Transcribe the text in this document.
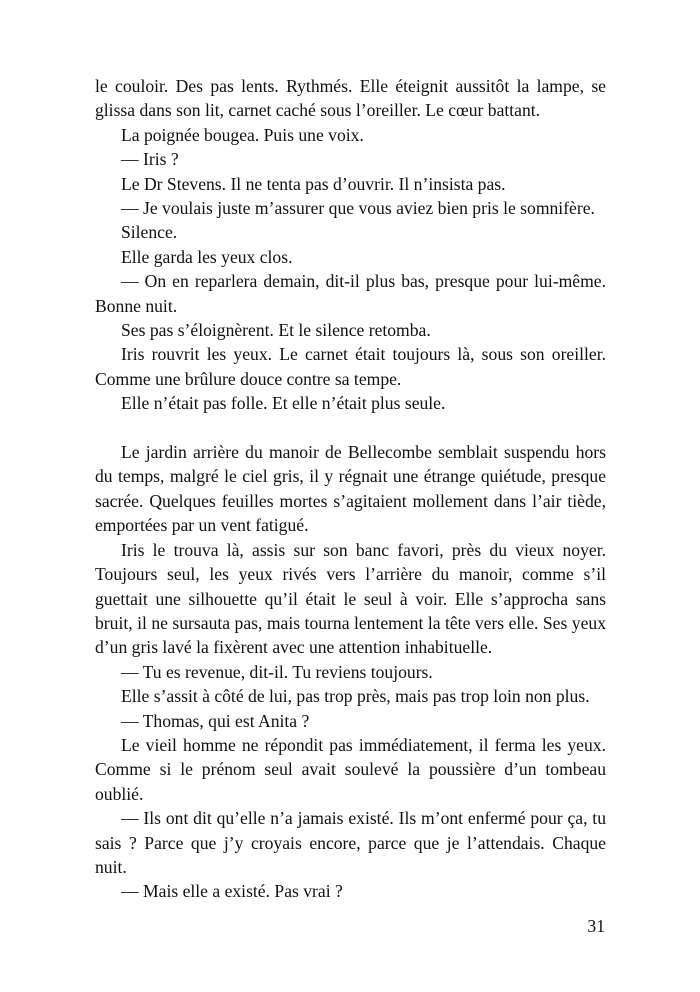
le couloir. Des pas lents. Rythmés. Elle éteignit aussitôt la lampe, se glissa dans son lit, carnet caché sous l’oreiller. Le cœur battant.

La poignée bougea. Puis une voix.

— Iris ?

Le Dr Stevens. Il ne tenta pas d’ouvrir. Il n’insista pas.

— Je voulais juste m’assurer que vous aviez bien pris le somnifère.

Silence.

Elle garda les yeux clos.

— On en reparlera demain, dit-il plus bas, presque pour lui-même. Bonne nuit.

Ses pas s’éloignèrent. Et le silence retomba.

Iris rouvrit les yeux. Le carnet était toujours là, sous son oreiller. Comme une brûlure douce contre sa tempe.

Elle n’était pas folle. Et elle n’était plus seule.

Le jardin arrière du manoir de Bellecombe semblait suspendu hors du temps, malgré le ciel gris, il y régnait une étrange quiétude, presque sacrée. Quelques feuilles mortes s’agitaient mollement dans l’air tiède, emportées par un vent fatigué.

Iris le trouva là, assis sur son banc favori, près du vieux noyer. Toujours seul, les yeux rivés vers l’arrière du manoir, comme s’il guettait une silhouette qu’il était le seul à voir. Elle s’approcha sans bruit, il ne sursauta pas, mais tourna lentement la tête vers elle. Ses yeux d’un gris lavé la fixèrent avec une attention inhabituelle.

— Tu es revenue, dit-il. Tu reviens toujours.

Elle s’assit à côté de lui, pas trop près, mais pas trop loin non plus.

— Thomas, qui est Anita ?

Le vieil homme ne répondit pas immédiatement, il ferma les yeux. Comme si le prénom seul avait soulevé la poussière d’un tombeau oublié.

— Ils ont dit qu’elle n’a jamais existé. Ils m’ont enfermé pour ça, tu sais ? Parce que j’y croyais encore, parce que je l’attendais. Chaque nuit.

— Mais elle a existé. Pas vrai ?

31
